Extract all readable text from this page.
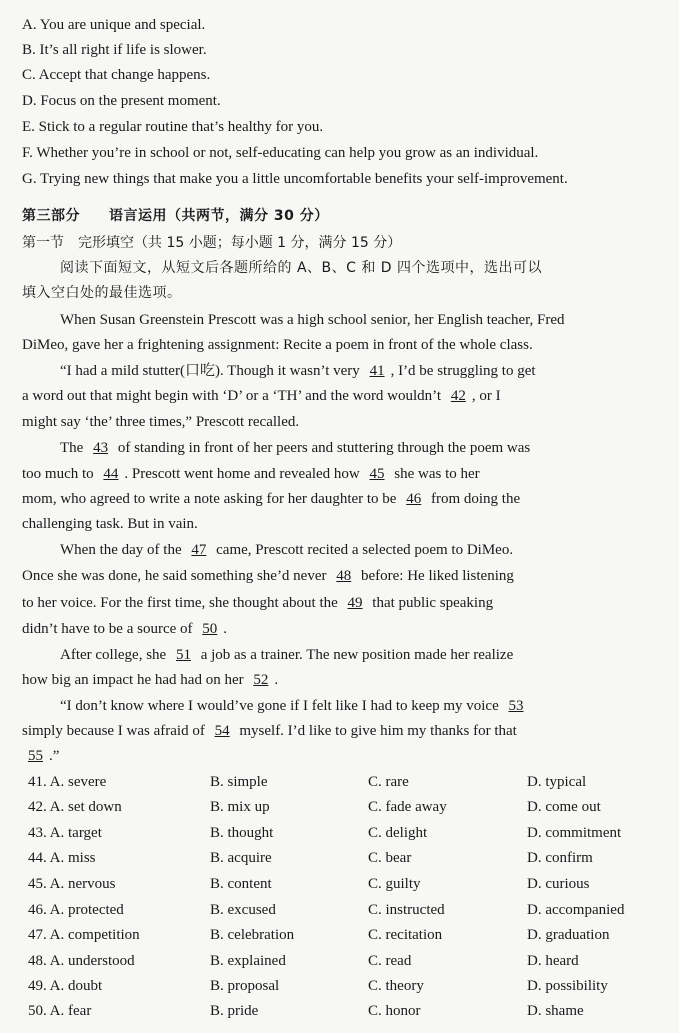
A. You are unique and special.
B. It’s all right if life is slower.
C. Accept that change happens.
D. Focus on the present moment.
E. Stick to a regular routine that’s healthy for you.
F. Whether you’re in school or not, self-educating can help you grow as an individual.
G. Trying new things that make you a little uncomfortable benefits your self-improvement.
第三部分　　语言运用（共两节，满分 30 分）
第一节　完形填空（共 15 小题；每小题 1 分，满分 15 分）
阅读下面短文，从短文后各题所给的 A、B、C 和 D 四个选项中，选出可以
填入空白处的最佳选项。
When Susan Greenstein Prescott was a high school senior, her English teacher, Fred
DiMeo, gave her a frightening assignment: Recite a poem in front of the whole class.
“I had a mild stutter(口吃). Though it wasn’t very 41 , I’d be struggling to get
a word out that might begin with ‘D’ or a ‘TH’ and the word wouldn’t 42 , or I
might say ‘the’ three times,” Prescott recalled.
The 43 of standing in front of her peers and stuttering through the poem was
too much to 44 . Prescott went home and revealed how 45 she was to her
mom, who agreed to write a note asking for her daughter to be 46 from doing the
challenging task. But in vain.
When the day of the 47 came, Prescott recited a selected poem to DiMeo.
Once she was done, he said something she’d never 48 before: He liked listening
to her voice. For the first time, she thought about the 49 that public speaking
didn’t have to be a source of 50 .
After college, she 51 a job as a trainer. The new position made her realize
how big an impact he had had on her 52 .
“I don’t know where I would’ve gone if I felt like I had to keep my voice 53
simply because I was afraid of 54 myself. I’d like to give him my thanks for that
55 .”
41. A. severe	B. simple	C. rare	D. typical
42. A. set down	B. mix up	C. fade away	D. come out
43. A. target	B. thought	C. delight	D. commitment
44. A. miss	B. acquire	C. bear	D. confirm
45. A. nervous	B. content	C. guilty	D. curious
46. A. protected	B. excused	C. instructed	D. accompanied
47. A. competition	B. celebration	C. recitation	D. graduation
48. A. understood	B. explained	C. read	D. heard
49. A. doubt	B. proposal	C. theory	D. possibility
50. A. fear	B. pride	C. honor	D. shame
